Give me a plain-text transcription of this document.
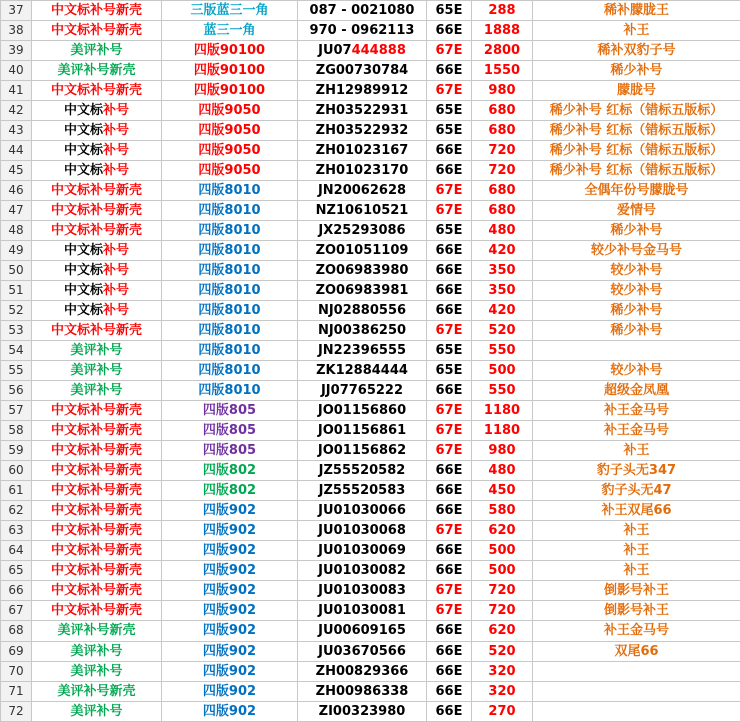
37	中文标补号新壳	三版蓝三一角	087 - 0021080	65E	288	稀补朦胧王
38	中文标补号新壳	蓝三一角	970 - 0962113	66E	1888	补王
39	美评补号	四版90100	JU07444888	67E	2800	稀补双豹子号
40	美评补号新壳	四版90100	ZG00730784	66E	1550	稀少补号
41	中文标补号新壳	四版90100	ZH12989912	67E	980	朦胧号
42	中文标补号	四版9050	ZH03522931	65E	680	稀少补号 红标（错标五版标）
43	中文标补号	四版9050	ZH03522932	65E	680	稀少补号 红标（错标五版标）
44	中文标补号	四版9050	ZH01023167	66E	720	稀少补号 红标（错标五版标）
45	中文标补号	四版9050	ZH01023170	66E	720	稀少补号 红标（错标五版标）
46	中文标补号新壳	四版8010	JN20062628	67E	680	全偶年份号朦胧号
47	中文标补号新壳	四版8010	NZ10610521	67E	680	爱情号
48	中文标补号新壳	四版8010	JX25293086	65E	480	稀少补号
49	中文标补号	四版8010	ZO01051109	66E	420	较少补号金马号
50	中文标补号	四版8010	ZO06983980	66E	350	较少补号
51	中文标补号	四版8010	ZO06983981	66E	350	较少补号
52	中文标补号	四版8010	NJ02880556	66E	420	稀少补号
53	中文标补号新壳	四版8010	NJ00386250	67E	520	稀少补号
54	美评补号	四版8010	JN22396555	65E	550	
55	美评补号	四版8010	ZK12884444	65E	500	较少补号
56	美评补号	四版8010	JJ07765222	66E	550	超级金凤凰
57	中文标补号新壳	四版805	JO01156860	67E	1180	补王金马号
58	中文标补号新壳	四版805	JO01156861	67E	1180	补王金马号
59	中文标补号新壳	四版805	JO01156862	67E	980	补王
60	中文标补号新壳	四版802	JZ55520582	66E	480	豹子头无347
61	中文标补号新壳	四版802	JZ55520583	66E	450	豹子头无47
62	中文标补号新壳	四版902	JU01030066	66E	580	补王双尾66
63	中文标补号新壳	四版902	JU01030068	67E	620	补王
64	中文标补号新壳	四版902	JU01030069	66E	500	补王
65	中文标补号新壳	四版902	JU01030082	66E	500	补王
66	中文标补号新壳	四版902	JU01030083	67E	720	倒影号补王
67	中文标补号新壳	四版902	JU01030081	67E	720	倒影号补王
68	美评补号新壳	四版902	JU00609165	66E	620	补王金马号
69	美评补号	四版902	JU03670566	66E	520	双尾66
70	美评补号	四版902	ZH00829366	66E	320	
71	美评补号新壳	四版902	ZH00986338	66E	320	
72	美评补号	四版902	ZI00323980	66E	270	
